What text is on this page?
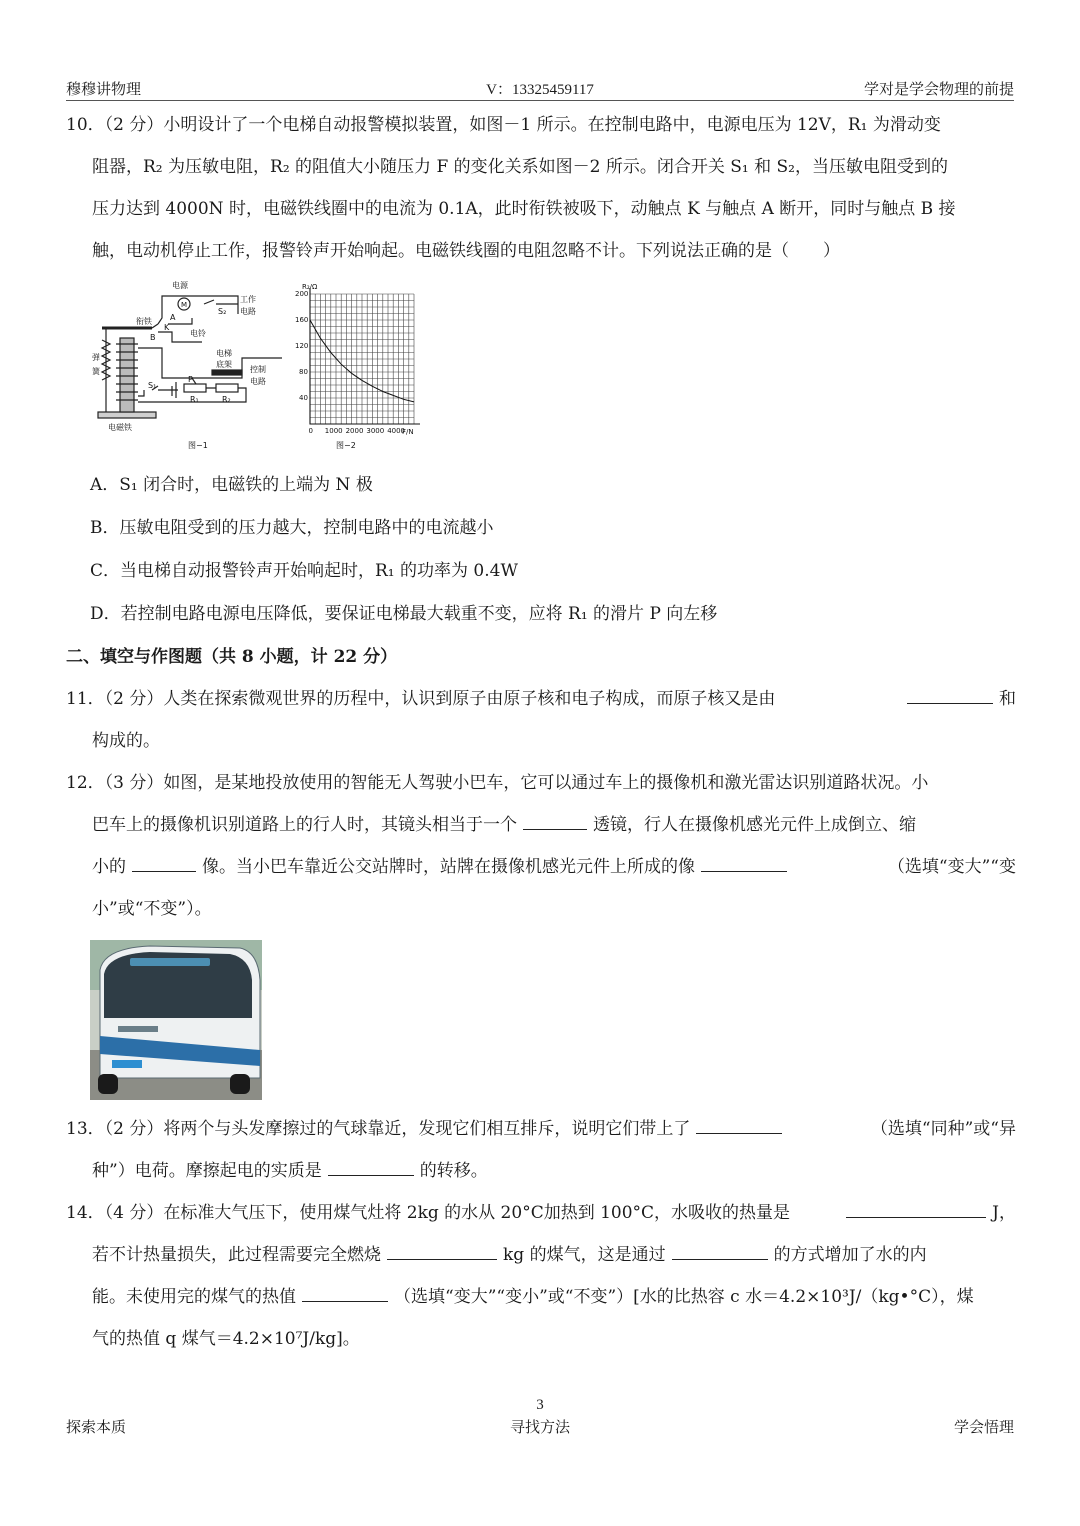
穆穆讲物理	V：13325459117	学对是学会物理的前提

10．（2 分）小明设计了一个电梯自动报警模拟装置，如图－1 所示。在控制电路中，电源电压为 12V，R₁ 为滑动变

阻器，R₂ 为压敏电阻，R₂ 的阻值大小随压力 F 的变化关系如图－2 所示。闭合开关 S₁ 和 S₂，当压敏电阻受到的

压力达到 4000N 时，电磁铁线圈中的电流为 0.1A，此时衔铁被吸下，动触点 K 与触点 A 断开，同时与触点 B 接

触，电动机停止工作，报警铃声开始响起。电磁铁线圈的电阻忽略不计。下列说法正确的是（　　）

电源
M
S₂
工作
电路
衔铁 A
K
B	电铃
弹
簧
电梯
底架
控制
电路
S₁
P
R₁	R₂
电磁铁
图−1
0 1000 2000 3000 4000
40
80
120
160
200
R₂/Ω
F/N
图−2

A．S₁ 闭合时，电磁铁的上端为 N 极

B．压敏电阻受到的压力越大，控制电路中的电流越小

C．当电梯自动报警铃声开始响起时，R₁ 的功率为 0.4W

D．若控制电路电源电压降低，要保证电梯最大载重不变，应将 R₁ 的滑片 P 向左移

二、填空与作图题（共 8 小题，计 22 分）

11．（2 分）人类在探索微观世界的历程中，认识到原子由原子核和电子构成，而原子核又是由	和

构成的。

12．（3 分）如图，是某地投放使用的智能无人驾驶小巴车，它可以通过车上的摄像机和激光雷达识别道路状况。小

巴车上的摄像机识别道路上的行人时，其镜头相当于一个	透镜，行人在摄像机感光元件上成倒立、缩

小的	像。当小巴车靠近公交站牌时，站牌在摄像机感光元件上所成的像	（选填“变大”“变

小”或“不变”）。

13．（2 分）将两个与头发摩擦过的气球靠近，发现它们相互排斥，说明它们带上了	（选填“同种”或“异

种”）电荷。摩擦起电的实质是	的转移。

14．（4 分）在标准大气压下，使用煤气灶将 2kg 的水从 20°C加热到 100°C，水吸收的热量是	J，

若不计热量损失，此过程需要完全燃烧	kg 的煤气，这是通过	的方式增加了水的内

能。未使用完的煤气的热值	（选填“变大”“变小”或“不变”）[水的比热容 c 水＝4.2×10³J/（kg•°C），煤

气的热值 q 煤气＝4.2×10⁷J/kg]。

3
探索本质	寻找方法	学会悟理
